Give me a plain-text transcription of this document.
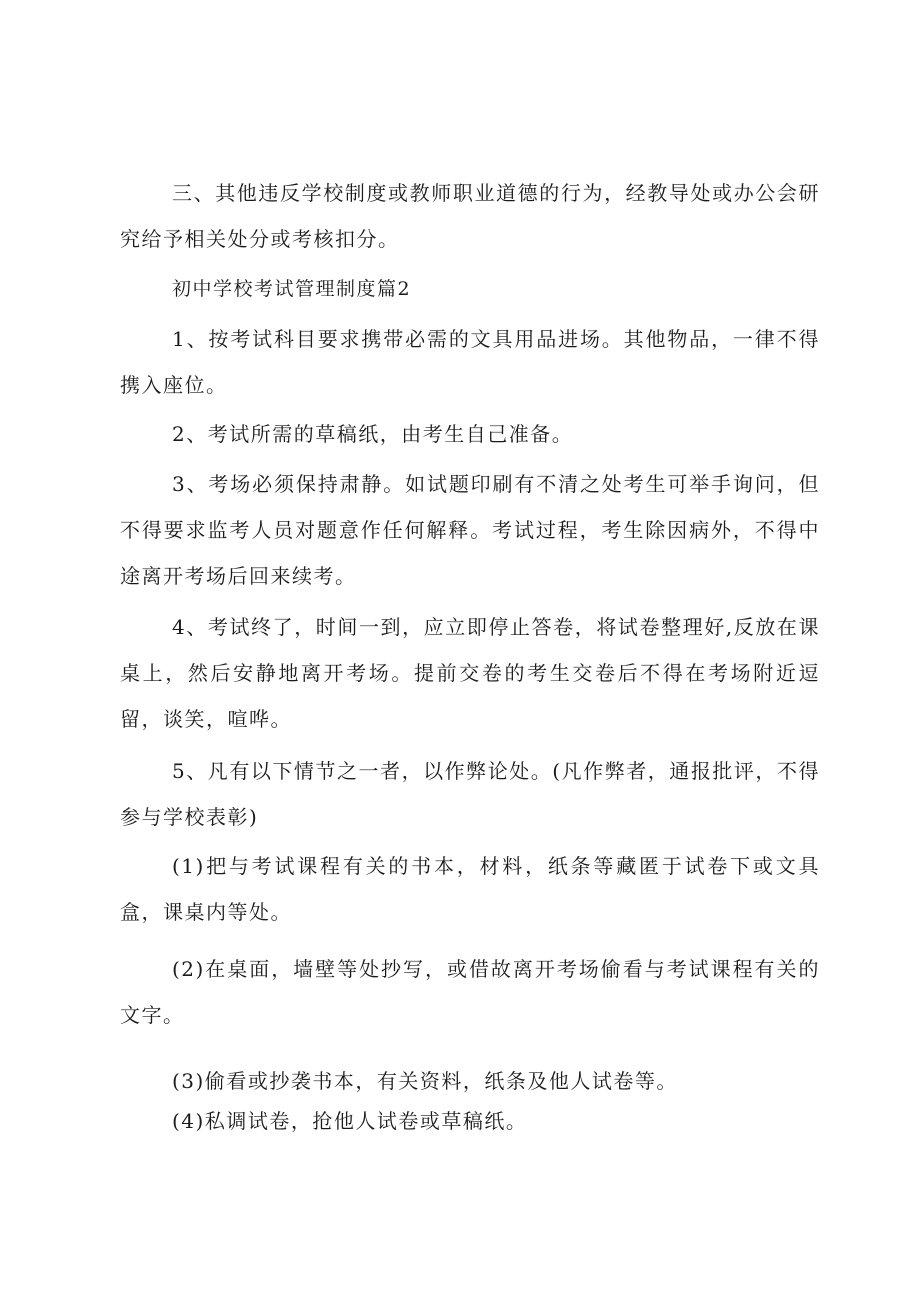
三、其他违反学校制度或教师职业道德的行为，经教导处或办公会研究给予相关处分或考核扣分。

初中学校考试管理制度篇2

1、按考试科目要求携带必需的文具用品进场。其他物品，一律不得携入座位。

2、考试所需的草稿纸，由考生自己准备。

3、考场必须保持肃静。如试题印刷有不清之处考生可举手询问，但不得要求监考人员对题意作任何解释。考试过程，考生除因病外，不得中途离开考场后回来续考。

4、考试终了，时间一到，应立即停止答卷，将试卷整理好,反放在课桌上，然后安静地离开考场。提前交卷的考生交卷后不得在考场附近逗留，谈笑，喧哗。

5、凡有以下情节之一者，以作弊论处。(凡作弊者，通报批评，不得参与学校表彰)

(1)把与考试课程有关的书本，材料，纸条等藏匿于试卷下或文具盒，课桌内等处。

(2)在桌面，墙壁等处抄写，或借故离开考场偷看与考试课程有关的文字。

(3)偷看或抄袭书本，有关资料，纸条及他人试卷等。

(4)私调试卷，抢他人试卷或草稿纸。
